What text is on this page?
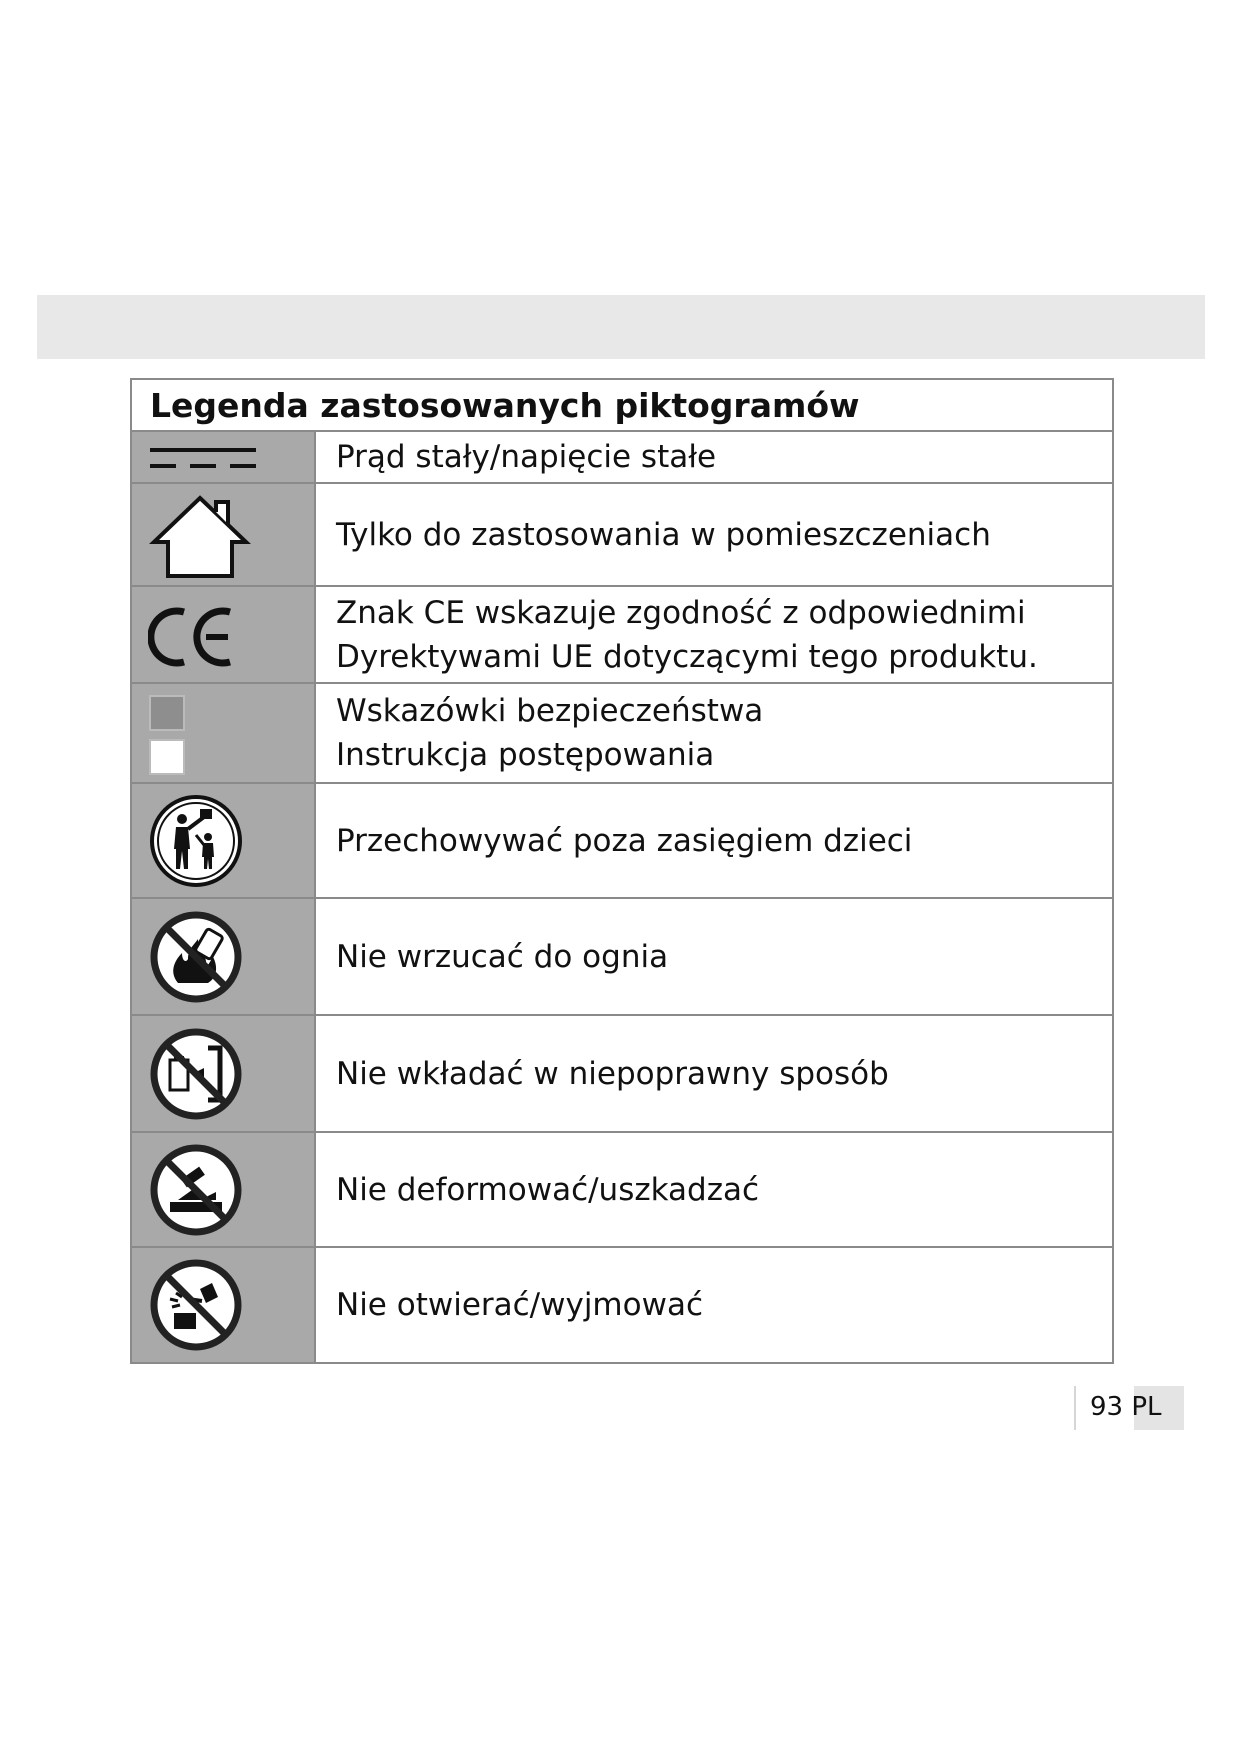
Legenda zastosowanych piktogramów
Prąd stały/napięcie stałe
Tylko do zastosowania w pomieszczeniach
Znak CE wskazuje zgodność z odpowiednimi
Dyrektywami UE dotyczącymi tego produktu.
Wskazówki bezpieczeństwa
Instrukcja postępowania
Przechowywać poza zasięgiem dzieci
Nie wrzucać do ognia
Nie wkładać w niepoprawny sposób
Nie deformować/uszkadzać
Nie otwierać/wyjmować
93 PL
